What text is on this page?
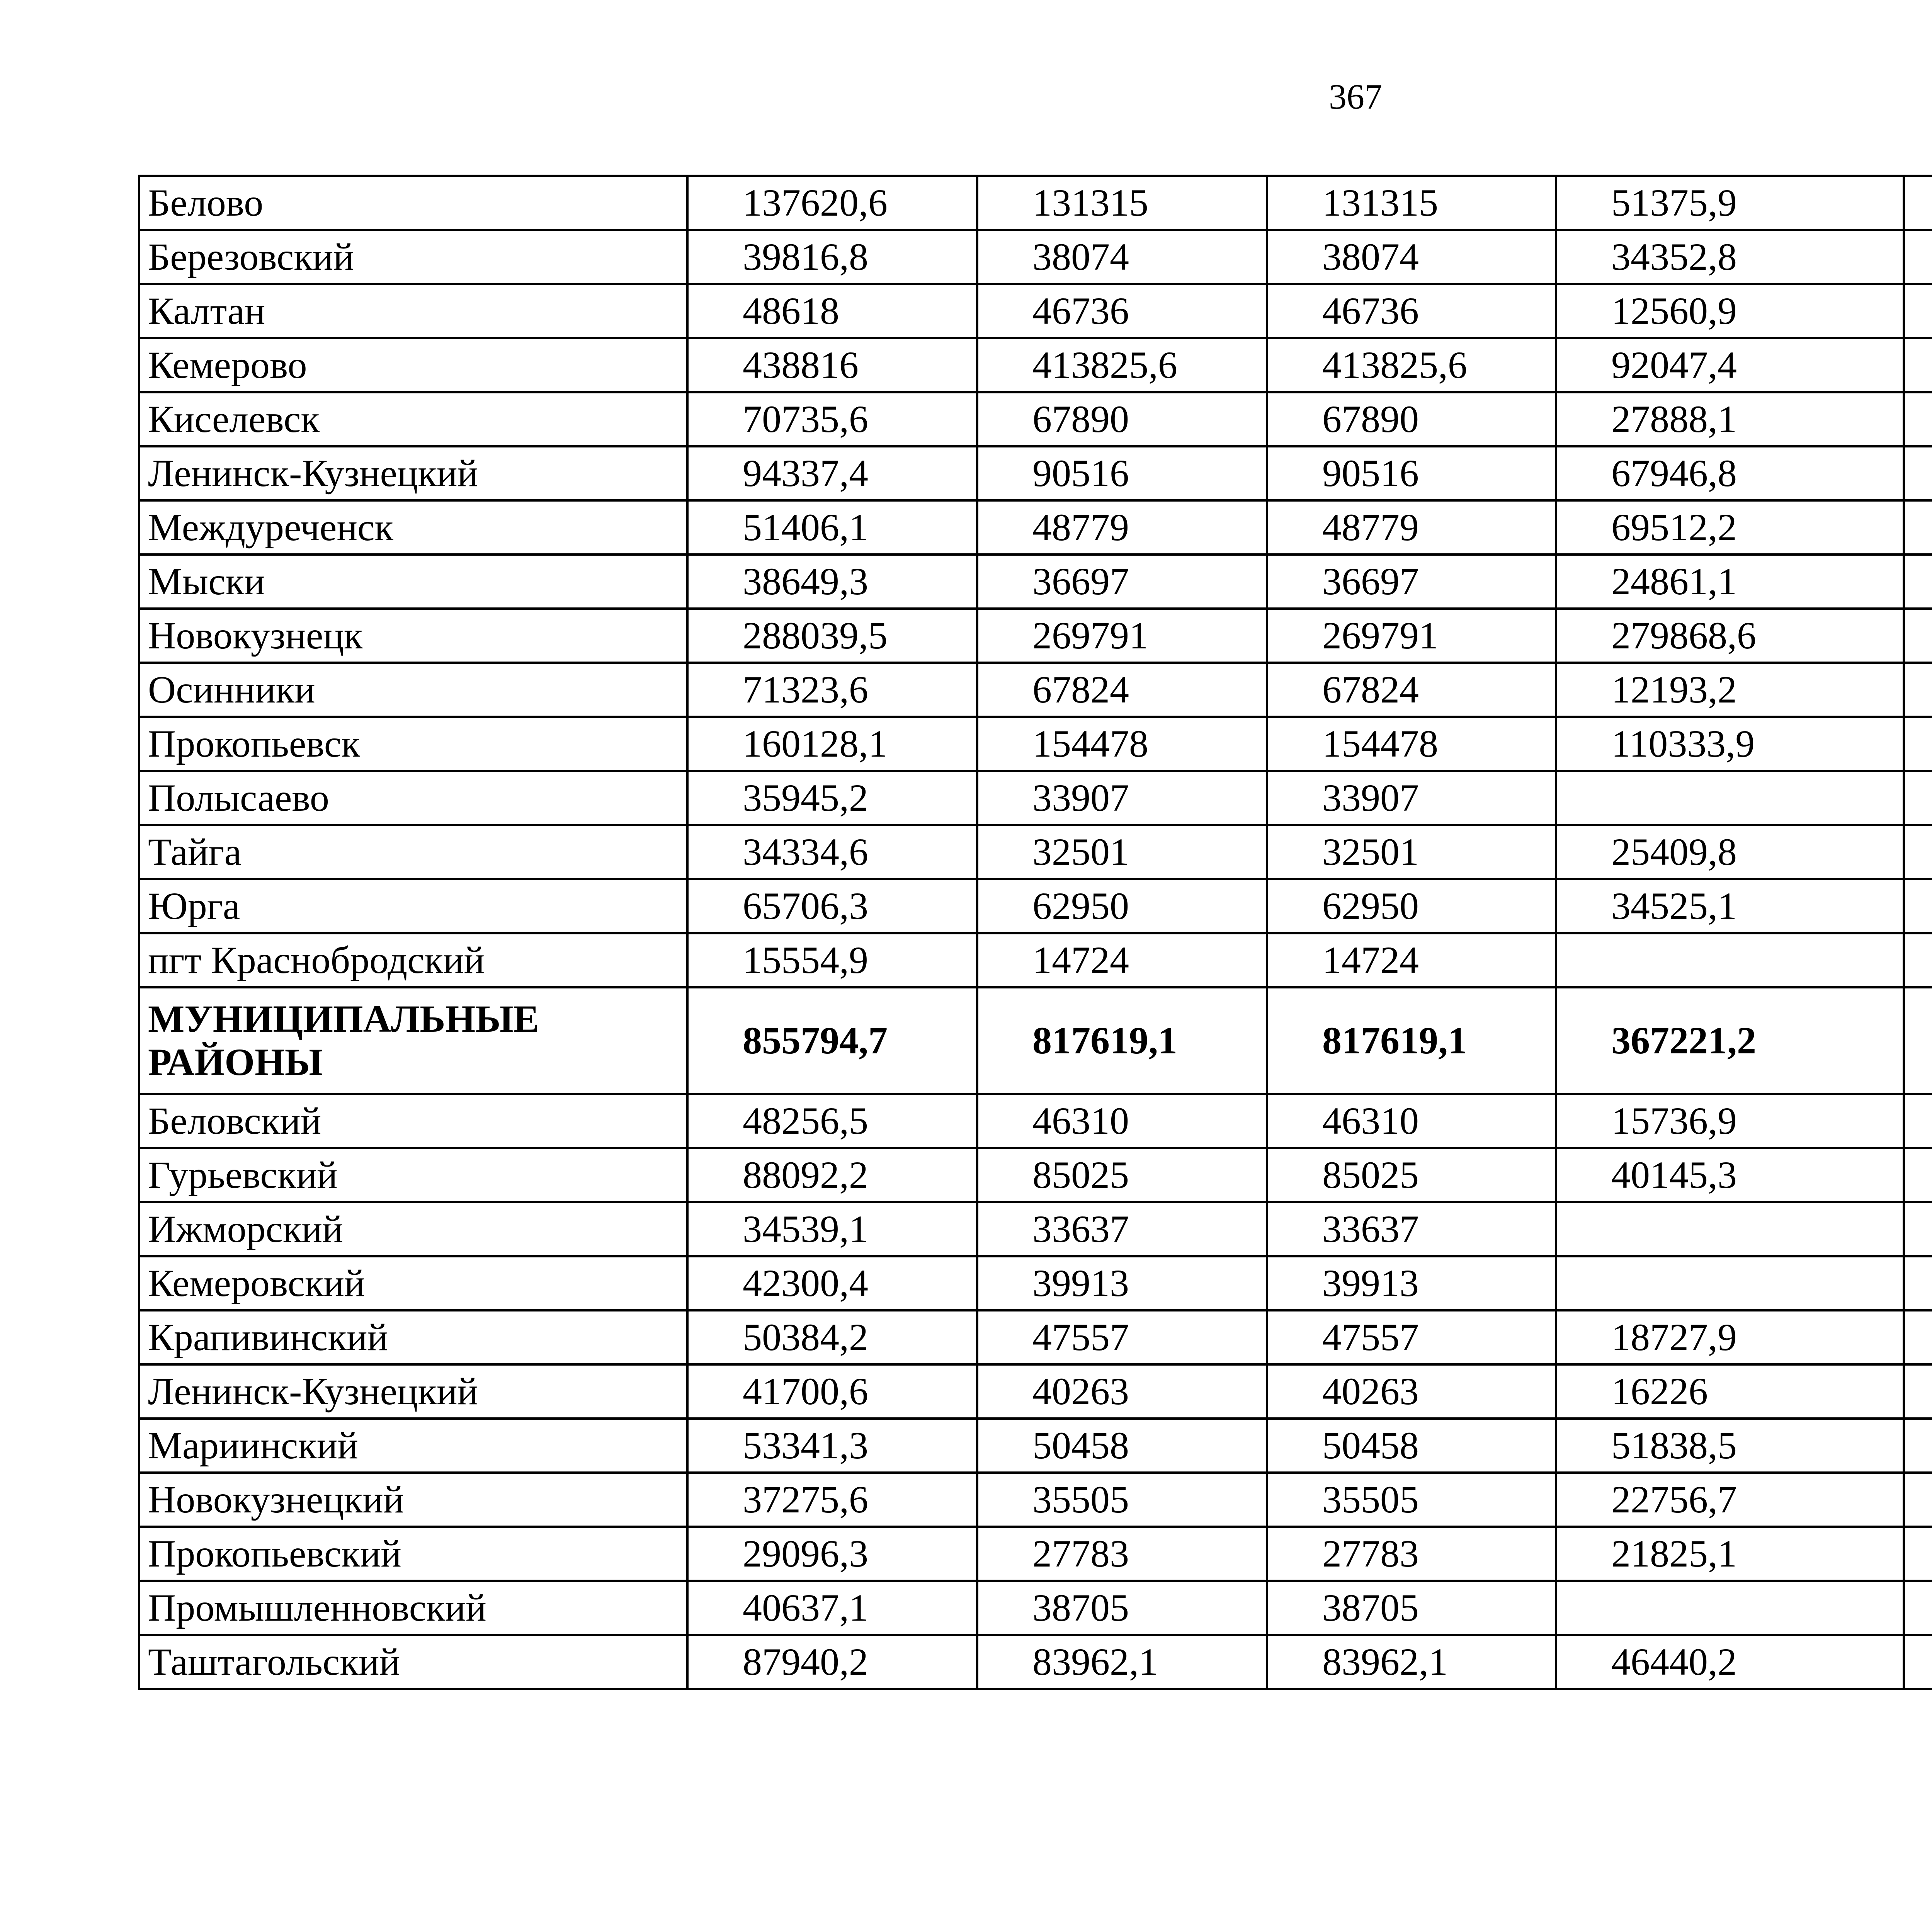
367
Белово	137620,6	131315	131315	51375,9		
Березовский	39816,8	38074	38074	34352,8		
Калтан	48618	46736	46736	12560,9		
Кемерово	438816	413825,6	413825,6	92047,4		
Киселевск	70735,6	67890	67890	27888,1		
Ленинск-Кузнецкий	94337,4	90516	90516	67946,8		
Междуреченск	51406,1	48779	48779	69512,2		
Мыски	38649,3	36697	36697	24861,1		
Новокузнецк	288039,5	269791	269791	279868,6		
Осинники	71323,6	67824	67824	12193,2		
Прокопьевск	160128,1	154478	154478	110333,9		
Полысаево	35945,2	33907	33907			
Тайга	34334,6	32501	32501	25409,8		
Юрга	65706,3	62950	62950	34525,1		
пгт Краснобродский	15554,9	14724	14724			
МУНИЦИПАЛЬНЫЕ РАЙОНЫ	855794,7	817619,1	817619,1	367221,2		
Беловский	48256,5	46310	46310	15736,9		
Гурьевский	88092,2	85025	85025	40145,3		
Ижморский	34539,1	33637	33637			
Кемеровский	42300,4	39913	39913			
Крапивинский	50384,2	47557	47557	18727,9		
Ленинск-Кузнецкий	41700,6	40263	40263	16226		
Мариинский	53341,3	50458	50458	51838,5		
Новокузнецкий	37275,6	35505	35505	22756,7		
Прокопьевский	29096,3	27783	27783	21825,1		
Промышленновский	40637,1	38705	38705			
Таштагольский	87940,2	83962,1	83962,1	46440,2		
